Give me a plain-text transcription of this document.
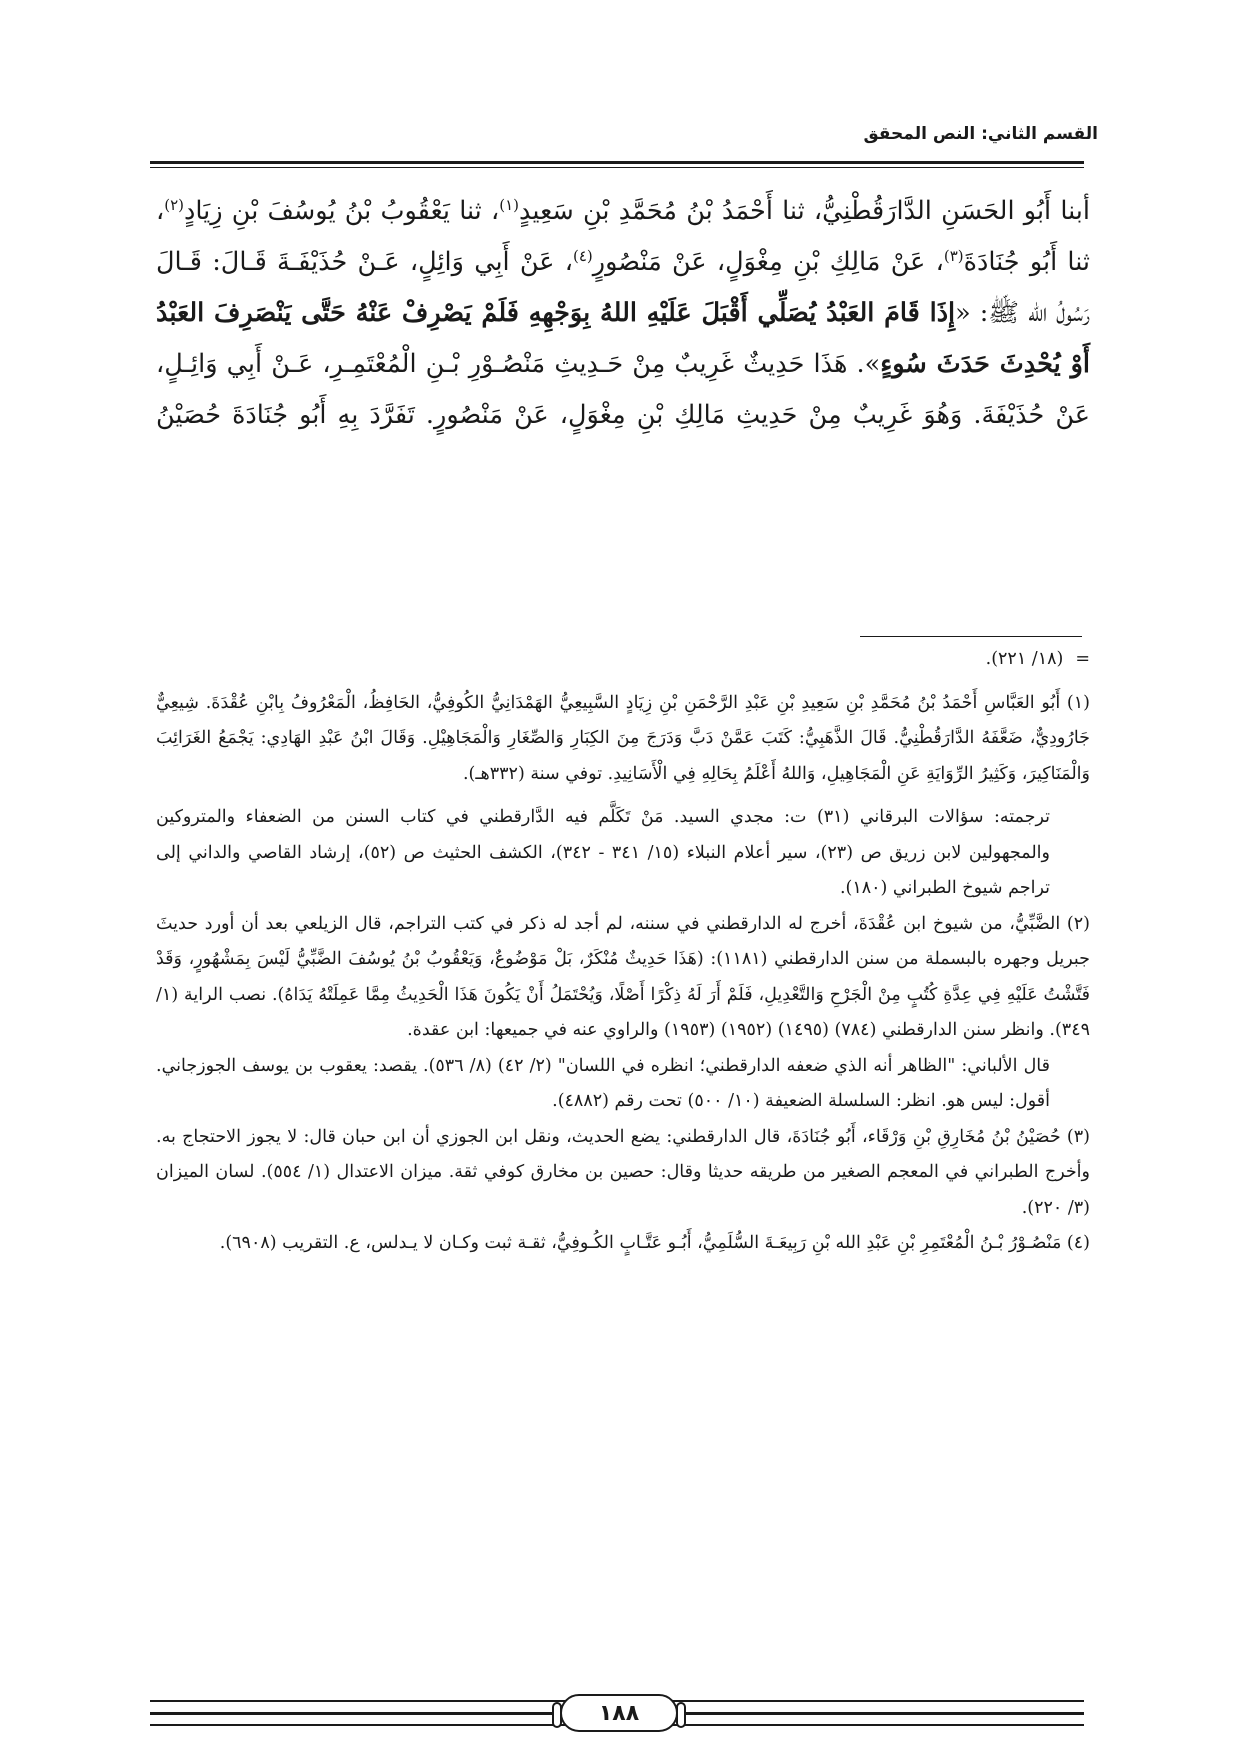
القسم الثاني: النص المحقق

أبنا أَبُو الحَسَنِ الدَّارَقُطْنِيُّ، ثنا أَحْمَدُ بْنُ مُحَمَّدِ بْنِ سَعِيدٍ$^{(١)}$، ثنا يَعْقُوبُ بْنُ يُوسُفَ بْنِ زِيَادٍ$^{(٢)}$،

ثنا أَبُو جُنَادَةَ$^{(٣)}$، عَنْ مَالِكِ بْنِ مِغْوَلٍ، عَنْ مَنْصُورٍ$^{(٤)}$، عَنْ أَبِي وَائِلٍ، عَـنْ حُذَيْفَـةَ قَـالَ: قَـالَ

رَسُولُ الله ﷺ: «إِذَا قَامَ العَبْدُ يُصَلِّي أَقْبَلَ عَلَيْهِ اللهُ بِوَجْهِهِ فَلَمْ يَصْرِفْ عَنْهُ حَتَّى يَنْصَرِفَ العَبْدُ أَوْ يُحْدِثَ حَدَثَ سُوءٍ». هَذَا حَدِيثٌ غَرِيبٌ مِنْ حَـدِيثِ مَنْصُـوْرِ بْـنِ الْمُعْتَمِـرِ، عَـنْ أَبِي وَائِـلٍ، عَنْ حُذَيْفَةَ. وَهُوَ غَرِيبٌ مِنْ حَدِيثِ مَالِكِ بْنِ مِغْوَلٍ، عَنْ مَنْصُورٍ. تَفَرَّدَ بِهِ أَبُو جُنَادَةَ حُصَيْنُ

=(١٨/ ٢٢١).

(١) أَبُو العَبَّاسِ أَحْمَدُ بْنُ مُحَمَّدِ بْنِ سَعِيدِ بْنِ عَبْدِ الرَّحْمَنِ بْنِ زِيَادٍ السَّبِيعِيُّ الهَمْدَانِيُّ الكُوفِيُّ، الحَافِظُ، الْمَعْرُوفُ بِابْنِ عُقْدَةَ. شِيعِيٌّ جَارُودِيٌّ، ضَعَّفَهُ الدَّارَقُطْنِيُّ. قَالَ الذَّهَبِيُّ: كَتَبَ عَمَّنْ دَبَّ وَدَرَجَ مِنَ الكِبَارِ وَالصِّغَارِ وَالْمَجَاهِيْلِ. وَقَالَ ابْنُ عَبْدِ الهَادِي: يَجْمَعُ الغَرَائِبَ وَالْمَنَاكِيرَ، وَكَثِيرُ الرِّوَايَةِ عَنِ الْمَجَاهِيلِ، وَاللهُ أَعْلَمُ بِحَالِهِ فِي الْأَسَانِيدِ. توفي سنة (٣٣٢هـ).

ترجمته: سؤالات البرقاني (٣١) ت: مجدي السيد. مَنْ تَكَلَّم فيه الدَّارقطني في كتاب السنن من الضعفاء والمتروكين والمجهولين لابن زريق ص (٢٣)، سير أعلام النبلاء (١٥/ ٣٤١ - ٣٤٢)، الكشف الحثيث ص (٥٢)، إرشاد القاصي والداني إلى تراجم شيوخ الطبراني (١٨٠).

(٢) الضَّبِّيُّ، من شيوخ ابن عُقْدَةَ، أخرج له الدارقطني في سننه، لم أجد له ذكر في كتب التراجم، قال الزيلعي بعد أن أورد حديثَ جبريل وجهره بالبسملة من سنن الدارقطني (١١٨١): (هَذَا حَدِيثٌ مُنْكَرٌ، بَلْ مَوْضُوعٌ، وَيَعْقُوبُ بْنُ يُوسُفَ الضَّبِّيُّ لَيْسَ بِمَشْهُورٍ، وَقَدْ فَتَّشْتُ عَلَيْهِ فِي عِدَّةِ كُتُبٍ مِنْ الْجَرْحِ وَالتَّعْدِيلِ، فَلَمْ أَرَ لَهُ ذِكْرًا أَصْلًا، وَيُحْتَمَلُ أَنْ يَكُونَ هَذَا الْحَدِيثُ مِمَّا عَمِلَتْهُ يَدَاهُ). نصب الراية (١/ ٣٤٩). وانظر سنن الدارقطني (٧٨٤) (١٤٩٥) (١٩٥٢) (١٩٥٣) والراوي عنه في جميعها: ابن عقدة.

قال الألباني: "الظاهر أنه الذي ضعفه الدارقطني؛ انظره في اللسان" (٢/ ٤٢) (٨/ ٥٣٦). يقصد: يعقوب بن يوسف الجوزجاني. أقول: ليس هو. انظر: السلسلة الضعيفة (١٠/ ٥٠٠) تحت رقم (٤٨٨٢).

(٣) حُصَيْنُ بْنُ مُخَارِقِ بْنِ وَرْقَاء، أَبُو جُنَادَةَ، قال الدارقطني: يضع الحديث، ونقل ابن الجوزي أن ابن حبان قال: لا يجوز الاحتجاج به. وأخرج الطبراني في المعجم الصغير من طريقه حديثا وقال: حصين بن مخارق كوفي ثقة. ميزان الاعتدال (١/ ٥٥٤). لسان الميزان (٣/ ٢٢٠).

(٤) مَنْصُـوْرُ بْـنُ الْمُعْتَمِرِ بْنِ عَبْدِ الله بْنِ رَبِيعَـةَ السُّلَمِيُّ، أَبُـو عَتَّـابٍ الكُـوفِيُّ، ثقـة ثبت وكـان لا يـدلس، ع. التقريب (٦٩٠٨).

١٨٨
